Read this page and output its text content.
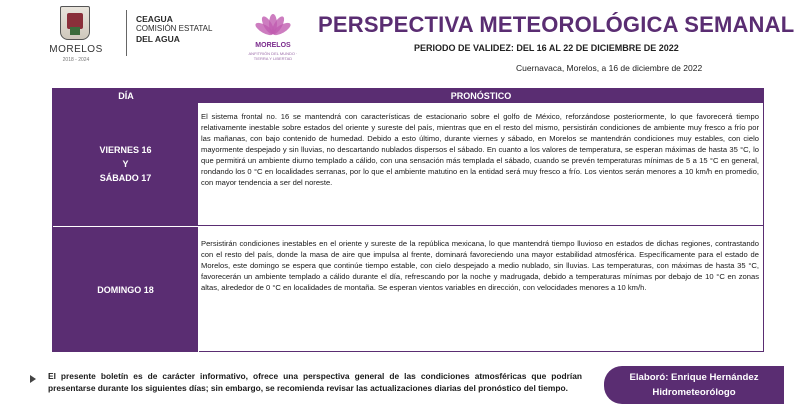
MORELOS
2018 - 2024
CEAGUA
COMISIÓN ESTATAL
DEL AGUA
MORELOS
ANFITRIÓN DEL MUNDO · TIERRA Y LIBERTAD
PERSPECTIVA METEOROLÓGICA SEMANAL
PERIODO DE VALIDEZ: DEL 16 AL 22 DE DICIEMBRE DE 2022
Cuernavaca, Morelos, a 16 de diciembre de 2022
DÍA	PRONÓSTICO
VIERNES 16
Y
SÁBADO 17
El sistema frontal no. 16 se mantendrá con características de estacionario sobre el golfo de México, reforzándose posteriormente, lo que favorecerá tiempo relativamente inestable sobre estados del oriente y sureste del país, mientras que en el resto del mismo, persistirán condiciones de ambiente muy fresco a frío por las mañanas, con bajo contenido de humedad. Debido a esto último, durante viernes y sábado, en Morelos se mantendrán condiciones muy estables, con cielo mayormente despejado y sin lluvias, no descartando nublados dispersos el sábado. En cuanto a los valores de temperatura, se esperan máximas de hasta 35 °C, lo que permitirá un ambiente diurno templado a cálido, con una sensación más templada el sábado, cuando se prevén temperaturas mínimas de 5 a 15 °C en general, rondando los 0 °C en localidades serranas, por lo que el ambiente matutino en la entidad será muy fresco a frío. Los vientos serán menores a 10 km/h en promedio, con mayor tendencia a ser del noreste.
DOMINGO 18
Persistirán condiciones inestables en el oriente y sureste de la república mexicana, lo que mantendrá tiempo lluvioso en estados de dichas regiones, contrastando con el resto del país, donde la masa de aire que impulsa al frente, dominará favoreciendo una mayor estabilidad atmosférica. Específicamente para el estado de Morelos, este domingo se espera que continúe tiempo estable, con cielo despejado a medio nublado, sin lluvias. Las temperaturas, con máximas de hasta 35 °C, favorecerán un ambiente templado a cálido durante el día, refrescando por la noche y madrugada, debido a temperaturas mínimas por debajo de 10 °C en zonas altas, alrededor de 0 °C en localidades de montaña. Se esperan vientos variables en dirección, con velocidades menores a 10 km/h.
El presente boletín es de carácter informativo, ofrece una perspectiva general de las condiciones atmosféricas que podrían presentarse durante los siguientes días; sin embargo, se recomienda revisar las actualizaciones diarias del pronóstico del tiempo.
Elaboró: Enrique Hernández
Hidrometeorólogo
